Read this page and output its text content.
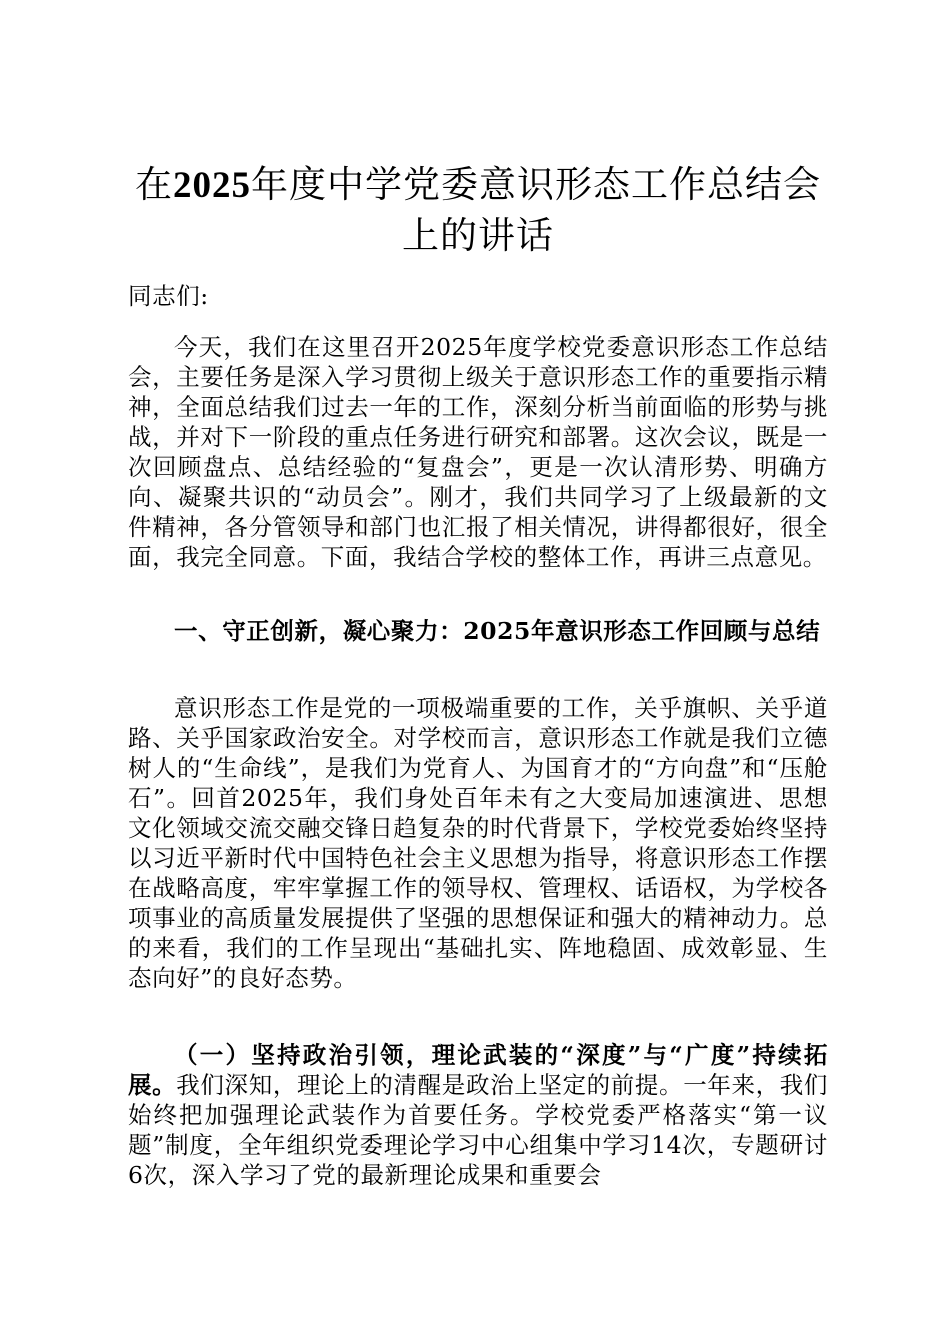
在2025年度中学党委意识形态工作总结会上的讲话

同志们:

今天，我们在这里召开2025年度学校党委意识形态工作总结会，主要任务是深入学习贯彻上级关于意识形态工作的重要指示精神，全面总结我们过去一年的工作，深刻分析当前面临的形势与挑战，并对下一阶段的重点任务进行研究和部署。这次会议，既是一次回顾盘点、总结经验的“复盘会”，更是一次认清形势、明确方向、凝聚共识的“动员会”。刚才，我们共同学习了上级最新的文件精神，各分管领导和部门也汇报了相关情况，讲得都很好，很全面，我完全同意。下面，我结合学校的整体工作，再讲三点意见。

一、守正创新，凝心聚力：2025年意识形态工作回顾与总结

意识形态工作是党的一项极端重要的工作，关乎旗帜、关乎道路、关乎国家政治安全。对学校而言，意识形态工作就是我们立德树人的“生命线”，是我们为党育人、为国育才的“方向盘”和“压舱石”。回首2025年，我们身处百年未有之大变局加速演进、思想文化领域交流交融交锋日趋复杂的时代背景下，学校党委始终坚持以习近平新时代中国特色社会主义思想为指导，将意识形态工作摆在战略高度，牢牢掌握工作的领导权、管理权、话语权，为学校各项事业的高质量发展提供了坚强的思想保证和强大的精神动力。总的来看，我们的工作呈现出“基础扎实、阵地稳固、成效彰显、生态向好”的良好态势。

（一）坚持政治引领，理论武装的“深度”与“广度”持续拓展。我们深知，理论上的清醒是政治上坚定的前提。一年来，我们始终把加强理论武装作为首要任务。学校党委严格落实“第一议题”制度，全年组织党委理论学习中心组集中学习14次，专题研讨6次，深入学习了党的最新理论成果和重要会
